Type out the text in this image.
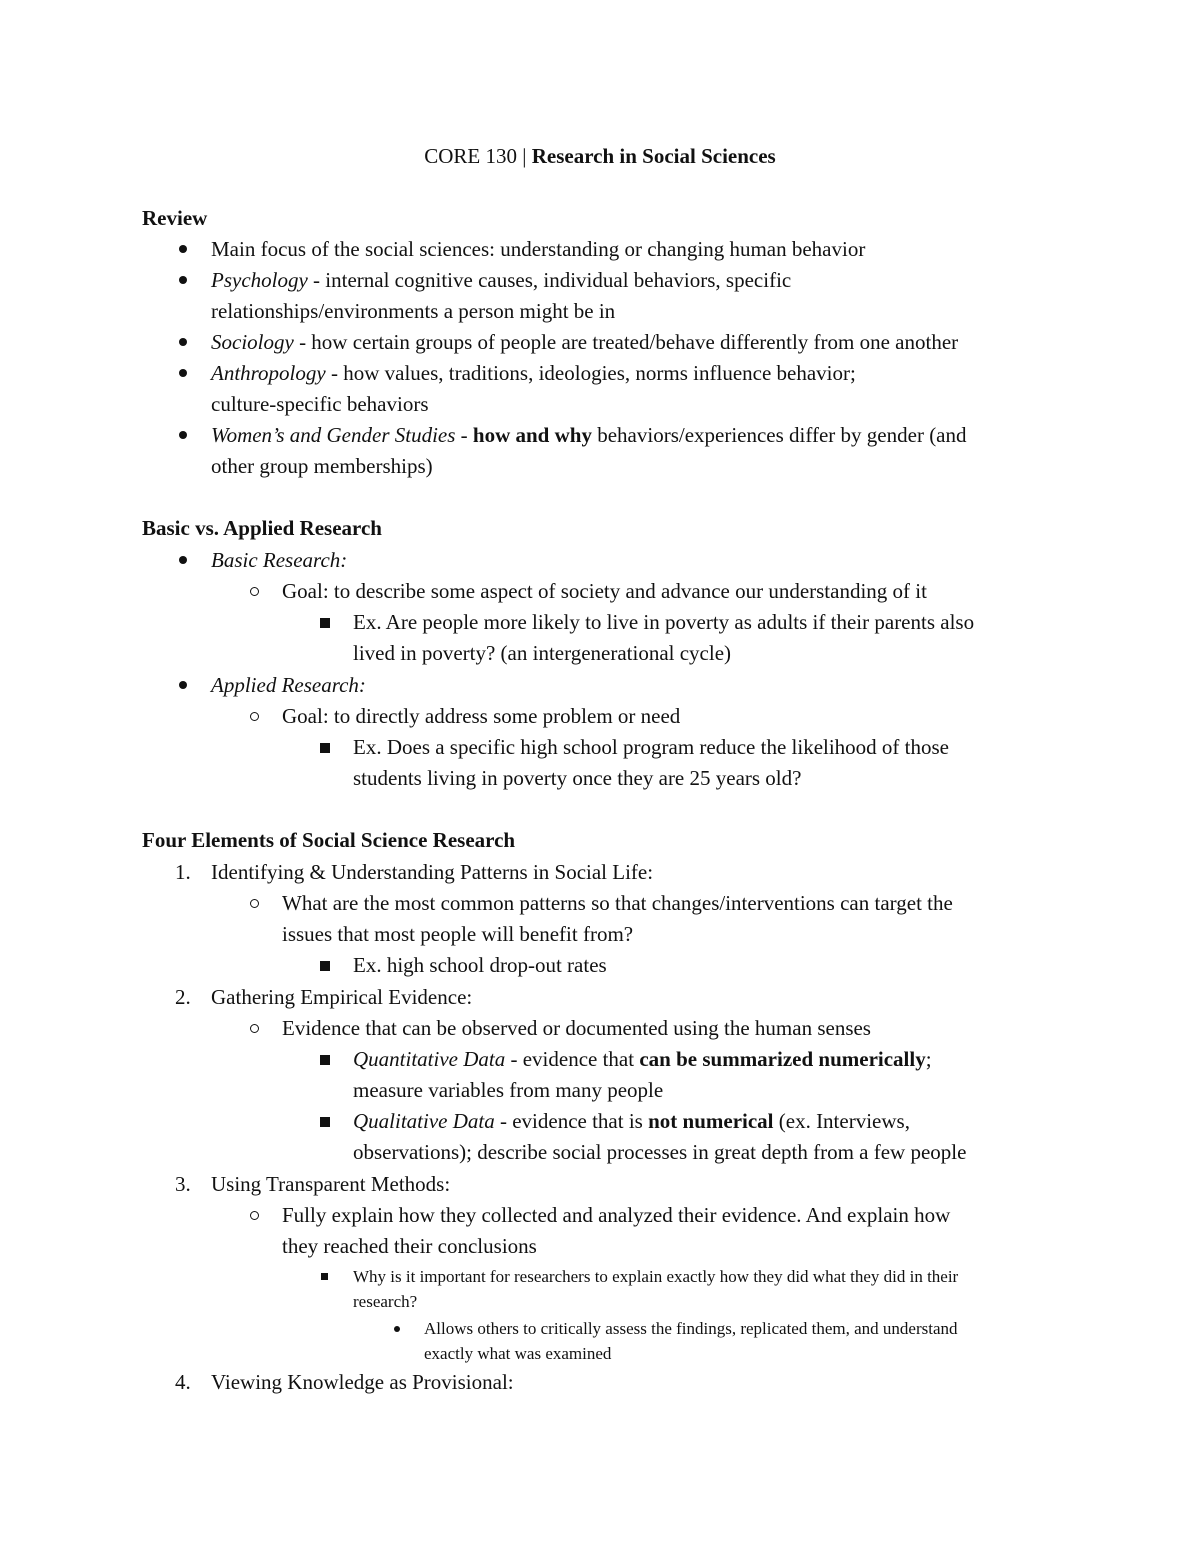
CORE 130 | Research in Social Sciences
Review
Main focus of the social sciences: understanding or changing human behavior
Psychology - internal cognitive causes, individual behaviors, specific
relationships/environments a person might be in
Sociology - how certain groups of people are treated/behave differently from one another
Anthropology - how values, traditions, ideologies, norms influence behavior;
culture-specific behaviors
Women’s and Gender Studies - how and why behaviors/experiences differ by gender (and
other group memberships)
Basic vs. Applied Research
Basic Research:
Goal: to describe some aspect of society and advance our understanding of it
Ex. Are people more likely to live in poverty as adults if their parents also
lived in poverty? (an intergenerational cycle)
Applied Research:
Goal: to directly address some problem or need
Ex. Does a specific high school program reduce the likelihood of those
students living in poverty once they are 25 years old?
Four Elements of Social Science Research
1. Identifying & Understanding Patterns in Social Life:
What are the most common patterns so that changes/interventions can target the
issues that most people will benefit from?
Ex. high school drop-out rates
2. Gathering Empirical Evidence:
Evidence that can be observed or documented using the human senses
Quantitative Data - evidence that can be summarized numerically;
measure variables from many people
Qualitative Data - evidence that is not numerical (ex. Interviews,
observations); describe social processes in great depth from a few people
3. Using Transparent Methods:
Fully explain how they collected and analyzed their evidence. And explain how
they reached their conclusions
Why is it important for researchers to explain exactly how they did what they did in their
research?
Allows others to critically assess the findings, replicated them, and understand
exactly what was examined
4. Viewing Knowledge as Provisional:
